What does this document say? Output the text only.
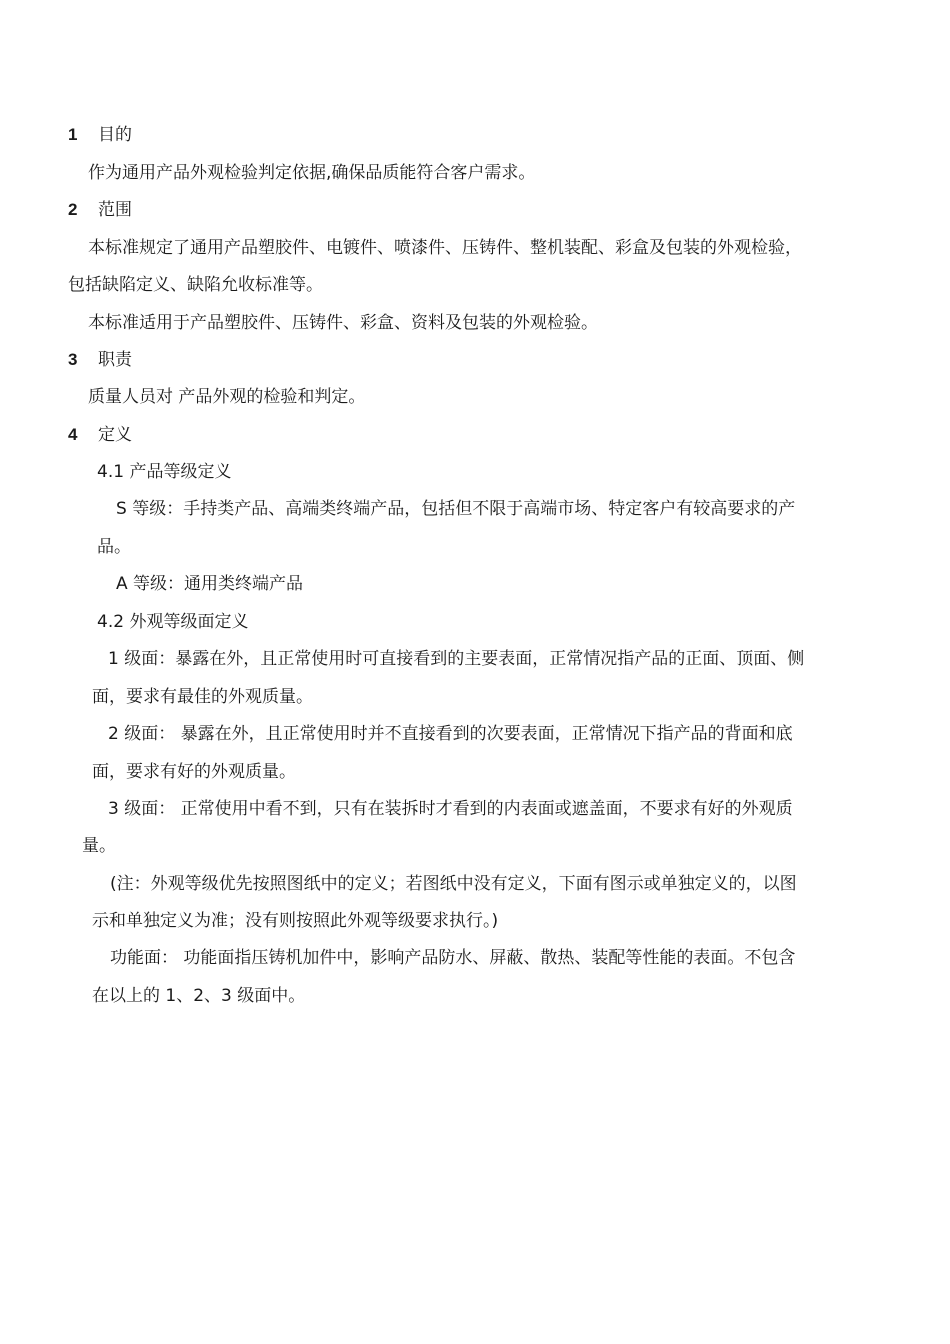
1 目的
作为通用产品外观检验判定依据,确保品质能符合客户需求。
2 范围
本标准规定了通用产品塑胶件、电镀件、喷漆件、压铸件、整机装配、彩盒及包装的外观检验，
包括缺陷定义、缺陷允收标准等。
本标准适用于产品塑胶件、压铸件、彩盒、资料及包装的外观检验。
3 职责
质量人员对 产品外观的检验和判定。
4 定义
4.1 产品等级定义
S 等级：手持类产品、高端类终端产品，包括但不限于高端市场、特定客户有较高要求的产
品。
A 等级：通用类终端产品
4.2 外观等级面定义
1 级面：暴露在外，且正常使用时可直接看到的主要表面，正常情况指产品的正面、顶面、侧
面，要求有最佳的外观质量。
2 级面： 暴露在外，且正常使用时并不直接看到的次要表面，正常情况下指产品的背面和底
面，要求有好的外观质量。
3 级面： 正常使用中看不到，只有在装拆时才看到的内表面或遮盖面，不要求有好的外观质
量。
(注：外观等级优先按照图纸中的定义；若图纸中没有定义，下面有图示或单独定义的，以图
示和单独定义为准；没有则按照此外观等级要求执行。)
功能面： 功能面指压铸机加件中，影响产品防水、屏蔽、散热、装配等性能的表面。不包含
在以上的 1、2、3 级面中。
